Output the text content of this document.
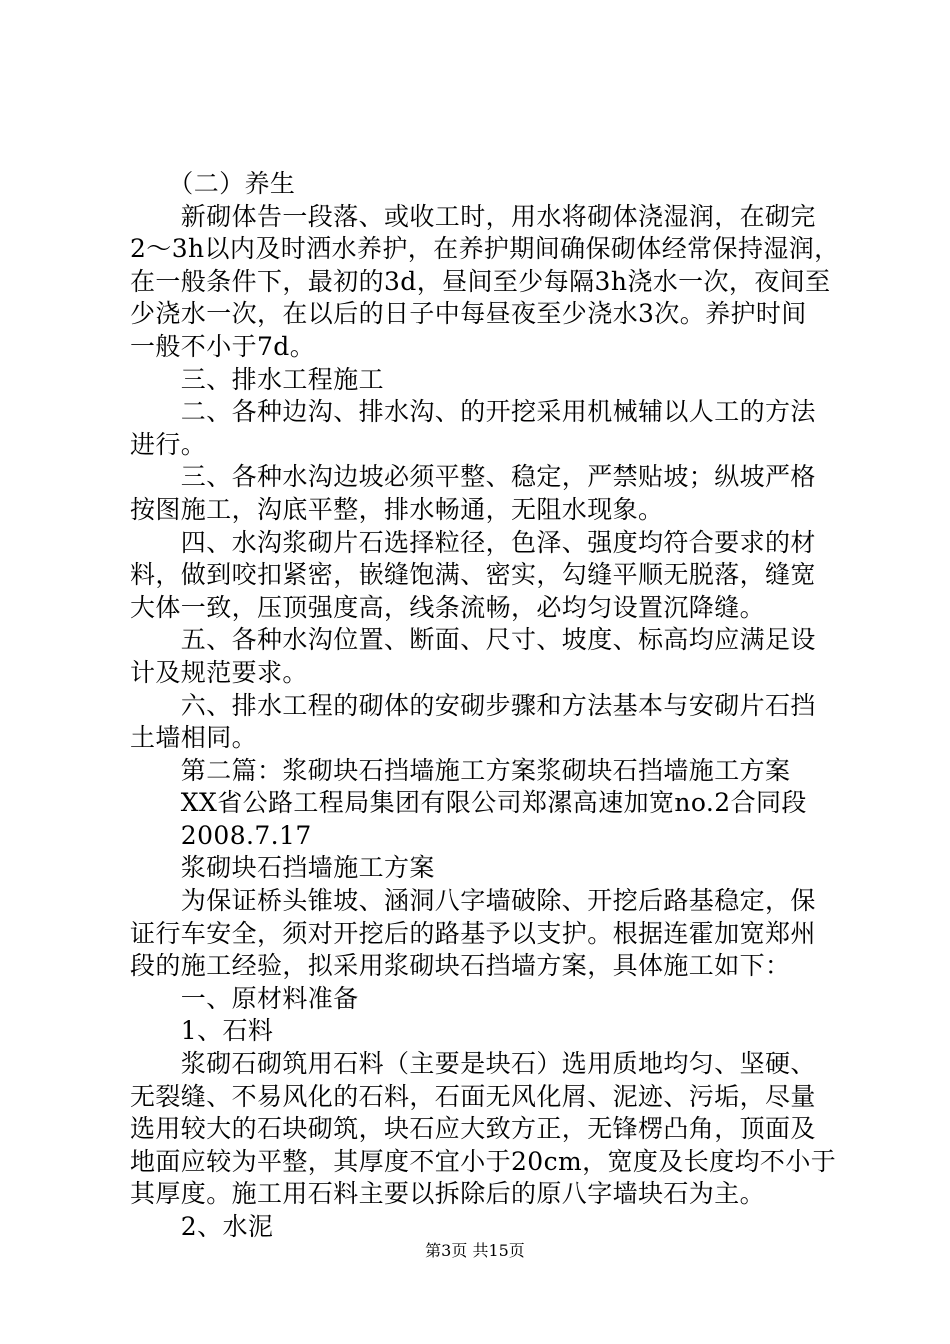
　　（二）养生
　　新砌体告一段落、或收工时，用水将砌体浇湿润，在砌完
2～3h以内及时洒水养护，在养护期间确保砌体经常保持湿润，
在一般条件下，最初的3d，昼间至少每隔3h浇水一次，夜间至
少浇水一次，在以后的日子中每昼夜至少浇水3次。养护时间
一般不小于7d。
　　三、排水工程施工
　　二、各种边沟、排水沟、的开挖采用机械辅以人工的方法
进行。
　　三、各种水沟边坡必须平整、稳定，严禁贴坡；纵坡严格
按图施工，沟底平整，排水畅通，无阻水现象。
　　四、水沟浆砌片石选择粒径，色泽、强度均符合要求的材
料，做到咬扣紧密，嵌缝饱满、密实，勾缝平顺无脱落，缝宽
大体一致，压顶强度高，线条流畅，必均匀设置沉降缝。
　　五、各种水沟位置、断面、尺寸、坡度、标高均应满足设
计及规范要求。
　　六、排水工程的砌体的安砌步骤和方法基本与安砌片石挡
土墙相同。
　　第二篇：浆砌块石挡墙施工方案浆砌块石挡墙施工方案
　　XX省公路工程局集团有限公司郑漯高速加宽no.2合同段
　　2008.7.17
　　浆砌块石挡墙施工方案
　　为保证桥头锥坡、涵洞八字墙破除、开挖后路基稳定，保
证行车安全，须对开挖后的路基予以支护。根据连霍加宽郑州
段的施工经验，拟采用浆砌块石挡墙方案，具体施工如下：
　　一、原材料准备
　　1、石料
　　浆砌石砌筑用石料（主要是块石）选用质地均匀、坚硬、
无裂缝、不易风化的石料，石面无风化屑、泥迹、污垢，尽量
选用较大的石块砌筑，块石应大致方正，无锋楞凸角，顶面及
地面应较为平整，其厚度不宜小于20cm，宽度及长度均不小于
其厚度。施工用石料主要以拆除后的原八字墙块石为主。
　　2、水泥
第3页 共15页
